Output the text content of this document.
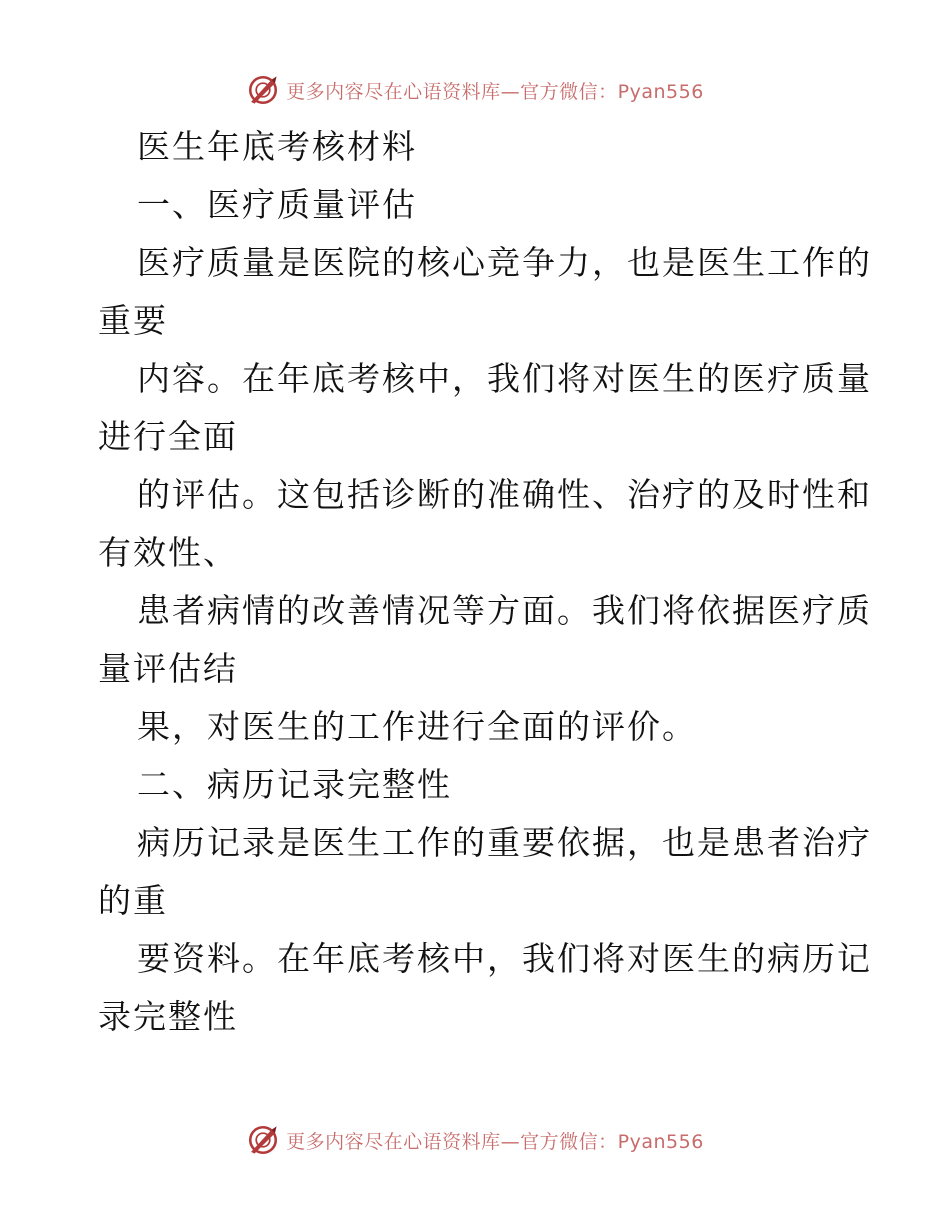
更多内容尽在心语资料库—官方微信：Pyan556
医生年底考核材料
一、医疗质量评估
医疗质量是医院的核心竞争力，也是医生工作的
重要
内容。在年底考核中，我们将对医生的医疗质量
进行全面
的评估。这包括诊断的准确性、治疗的及时性和
有效性、
患者病情的改善情况等方面。我们将依据医疗质
量评估结
果，对医生的工作进行全面的评价。
二、病历记录完整性
病历记录是医生工作的重要依据，也是患者治疗
的重
要资料。在年底考核中，我们将对医生的病历记
录完整性
更多内容尽在心语资料库—官方微信：Pyan556
